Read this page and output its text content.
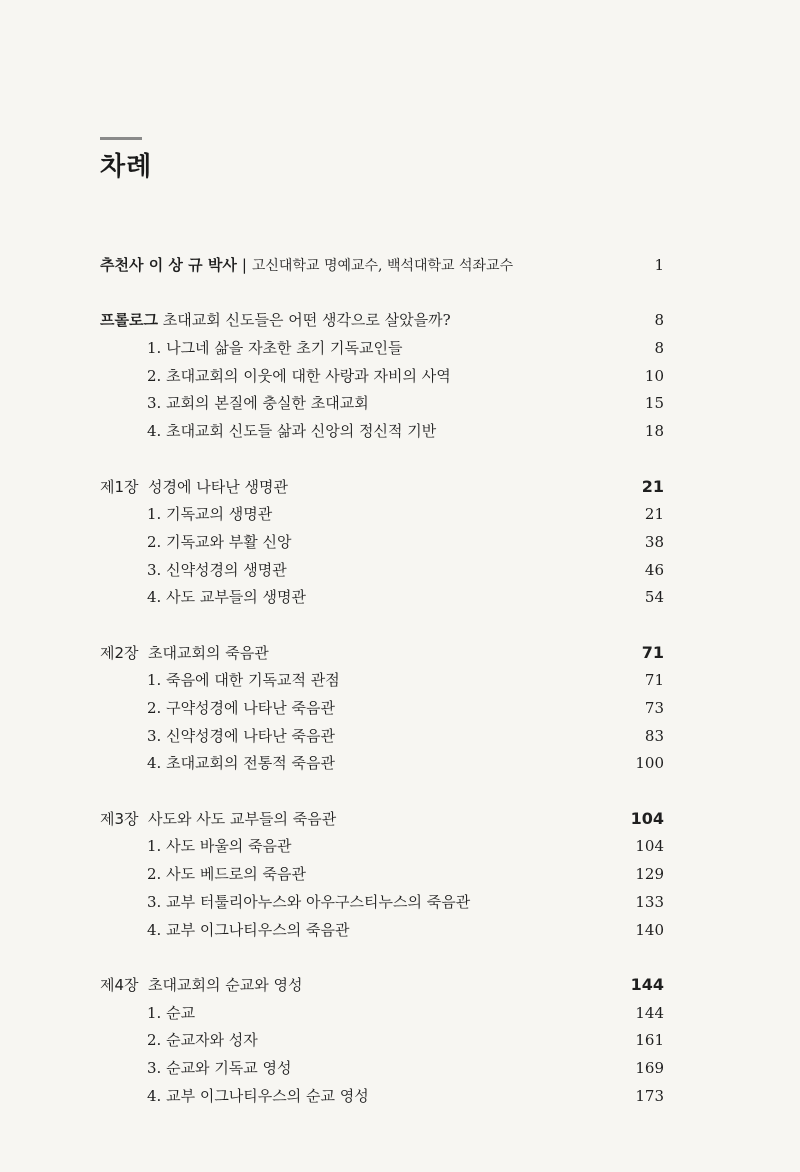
차례
추천사 이 상 규 박사 | 고신대학교 명예교수, 백석대학교 석좌교수	1
프롤로그 초대교회 신도들은 어떤 생각으로 살았을까?	8
1. 나그네 삶을 자초한 초기 기독교인들	8
2. 초대교회의 이웃에 대한 사랑과 자비의 사역	10
3. 교회의 본질에 충실한 초대교회	15
4. 초대교회 신도들 삶과 신앙의 정신적 기반	18
제1장  성경에 나타난 생명관	21
1. 기독교의 생명관	21
2. 기독교와 부활 신앙	38
3. 신약성경의 생명관	46
4. 사도 교부들의 생명관	54
제2장  초대교회의 죽음관	71
1. 죽음에 대한 기독교적 관점	71
2. 구약성경에 나타난 죽음관	73
3. 신약성경에 나타난 죽음관	83
4. 초대교회의 전통적 죽음관	100
제3장  사도와 사도 교부들의 죽음관	104
1. 사도 바울의 죽음관	104
2. 사도 베드로의 죽음관	129
3. 교부 터툴리아누스와 아우구스티누스의 죽음관	133
4. 교부 이그나티우스의 죽음관	140
제4장  초대교회의 순교와 영성	144
1. 순교	144
2. 순교자와 성자	161
3. 순교와 기독교 영성	169
4. 교부 이그나티우스의 순교 영성	173
